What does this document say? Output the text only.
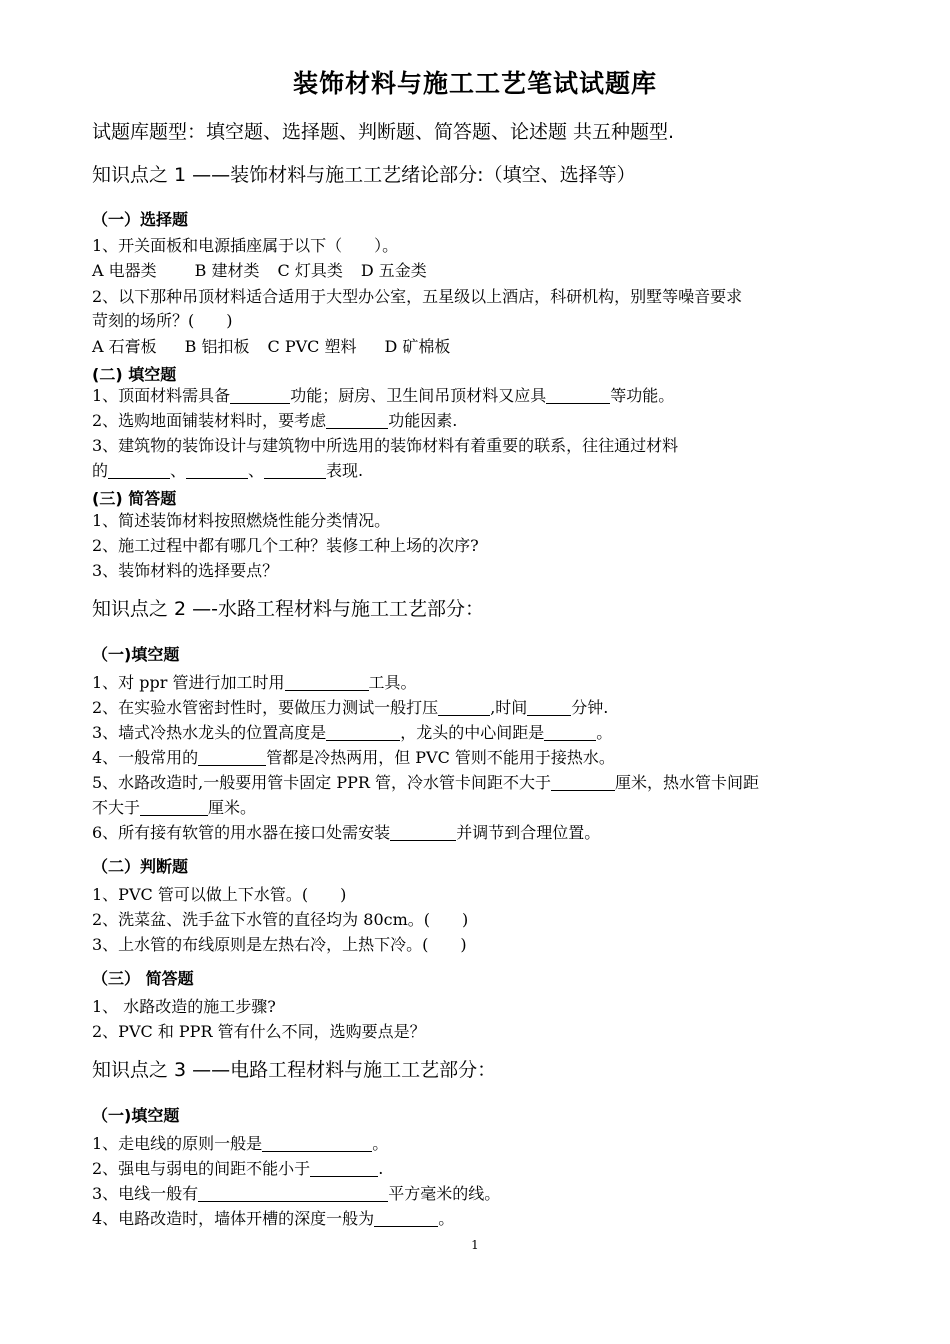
装饰材料与施工工艺笔试试题库
试题库题型：填空题、选择题、判断题、简答题、论述题 共五种题型.
知识点之 1 ——装饰材料与施工工艺绪论部分:（填空、选择等）
（一）选择题
1、开关面板和电源插座属于以下（　　）。
A 电器类 B 建材类 C 灯具类 D 五金类
2、以下那种吊顶材料适合适用于大型办公室，五星级以上酒店，科研机构，别墅等噪音要求
苛刻的场所？(　　)
A 石膏板 B 铝扣板 C PVC 塑料 D 矿棉板
(二) 填空题
1、顶面材料需具备	功能；厨房、卫生间吊顶材料又应具	等功能。
2、选购地面铺装材料时，要考虑	功能因素.
3、建筑物的装饰设计与建筑物中所选用的装饰材料有着重要的联系，往往通过材料
的	、	、	表现.
(三) 简答题
1、简述装饰材料按照燃烧性能分类情况。
2、施工过程中都有哪几个工种？装修工种上场的次序?
3、装饰材料的选择要点？
知识点之 2 —-水路工程材料与施工工艺部分：
（一)填空题
1、对 ppr 管进行加工时用	工具。
2、在实验水管密封性时，要做压力测试一般打压	,时间	分钟.
3、墙式冷热水龙头的位置高度是	，龙头的中心间距是	。
4、一般常用的	管都是冷热两用，但 PVC 管则不能用于接热水。
5、水路改造时,一般要用管卡固定 PPR 管，冷水管卡间距不大于	厘米，热水管卡间距
不大于	厘米。
6、所有接有软管的用水器在接口处需安装	并调节到合理位置。
（二）判断题
1、PVC 管可以做上下水管。(　　)
2、洗菜盆、洗手盆下水管的直径均为 80cm。(　　)
3、上水管的布线原则是左热右冷，上热下冷。(　　)
（三） 简答题
1、 水路改造的施工步骤?
2、PVC 和 PPR 管有什么不同，选购要点是？
知识点之 3 ——电路工程材料与施工工艺部分：
（一)填空题
1、走电线的原则一般是	。
2、强电与弱电的间距不能小于	.
3、电线一般有	平方毫米的线。
4、电路改造时，墙体开槽的深度一般为	。
1
